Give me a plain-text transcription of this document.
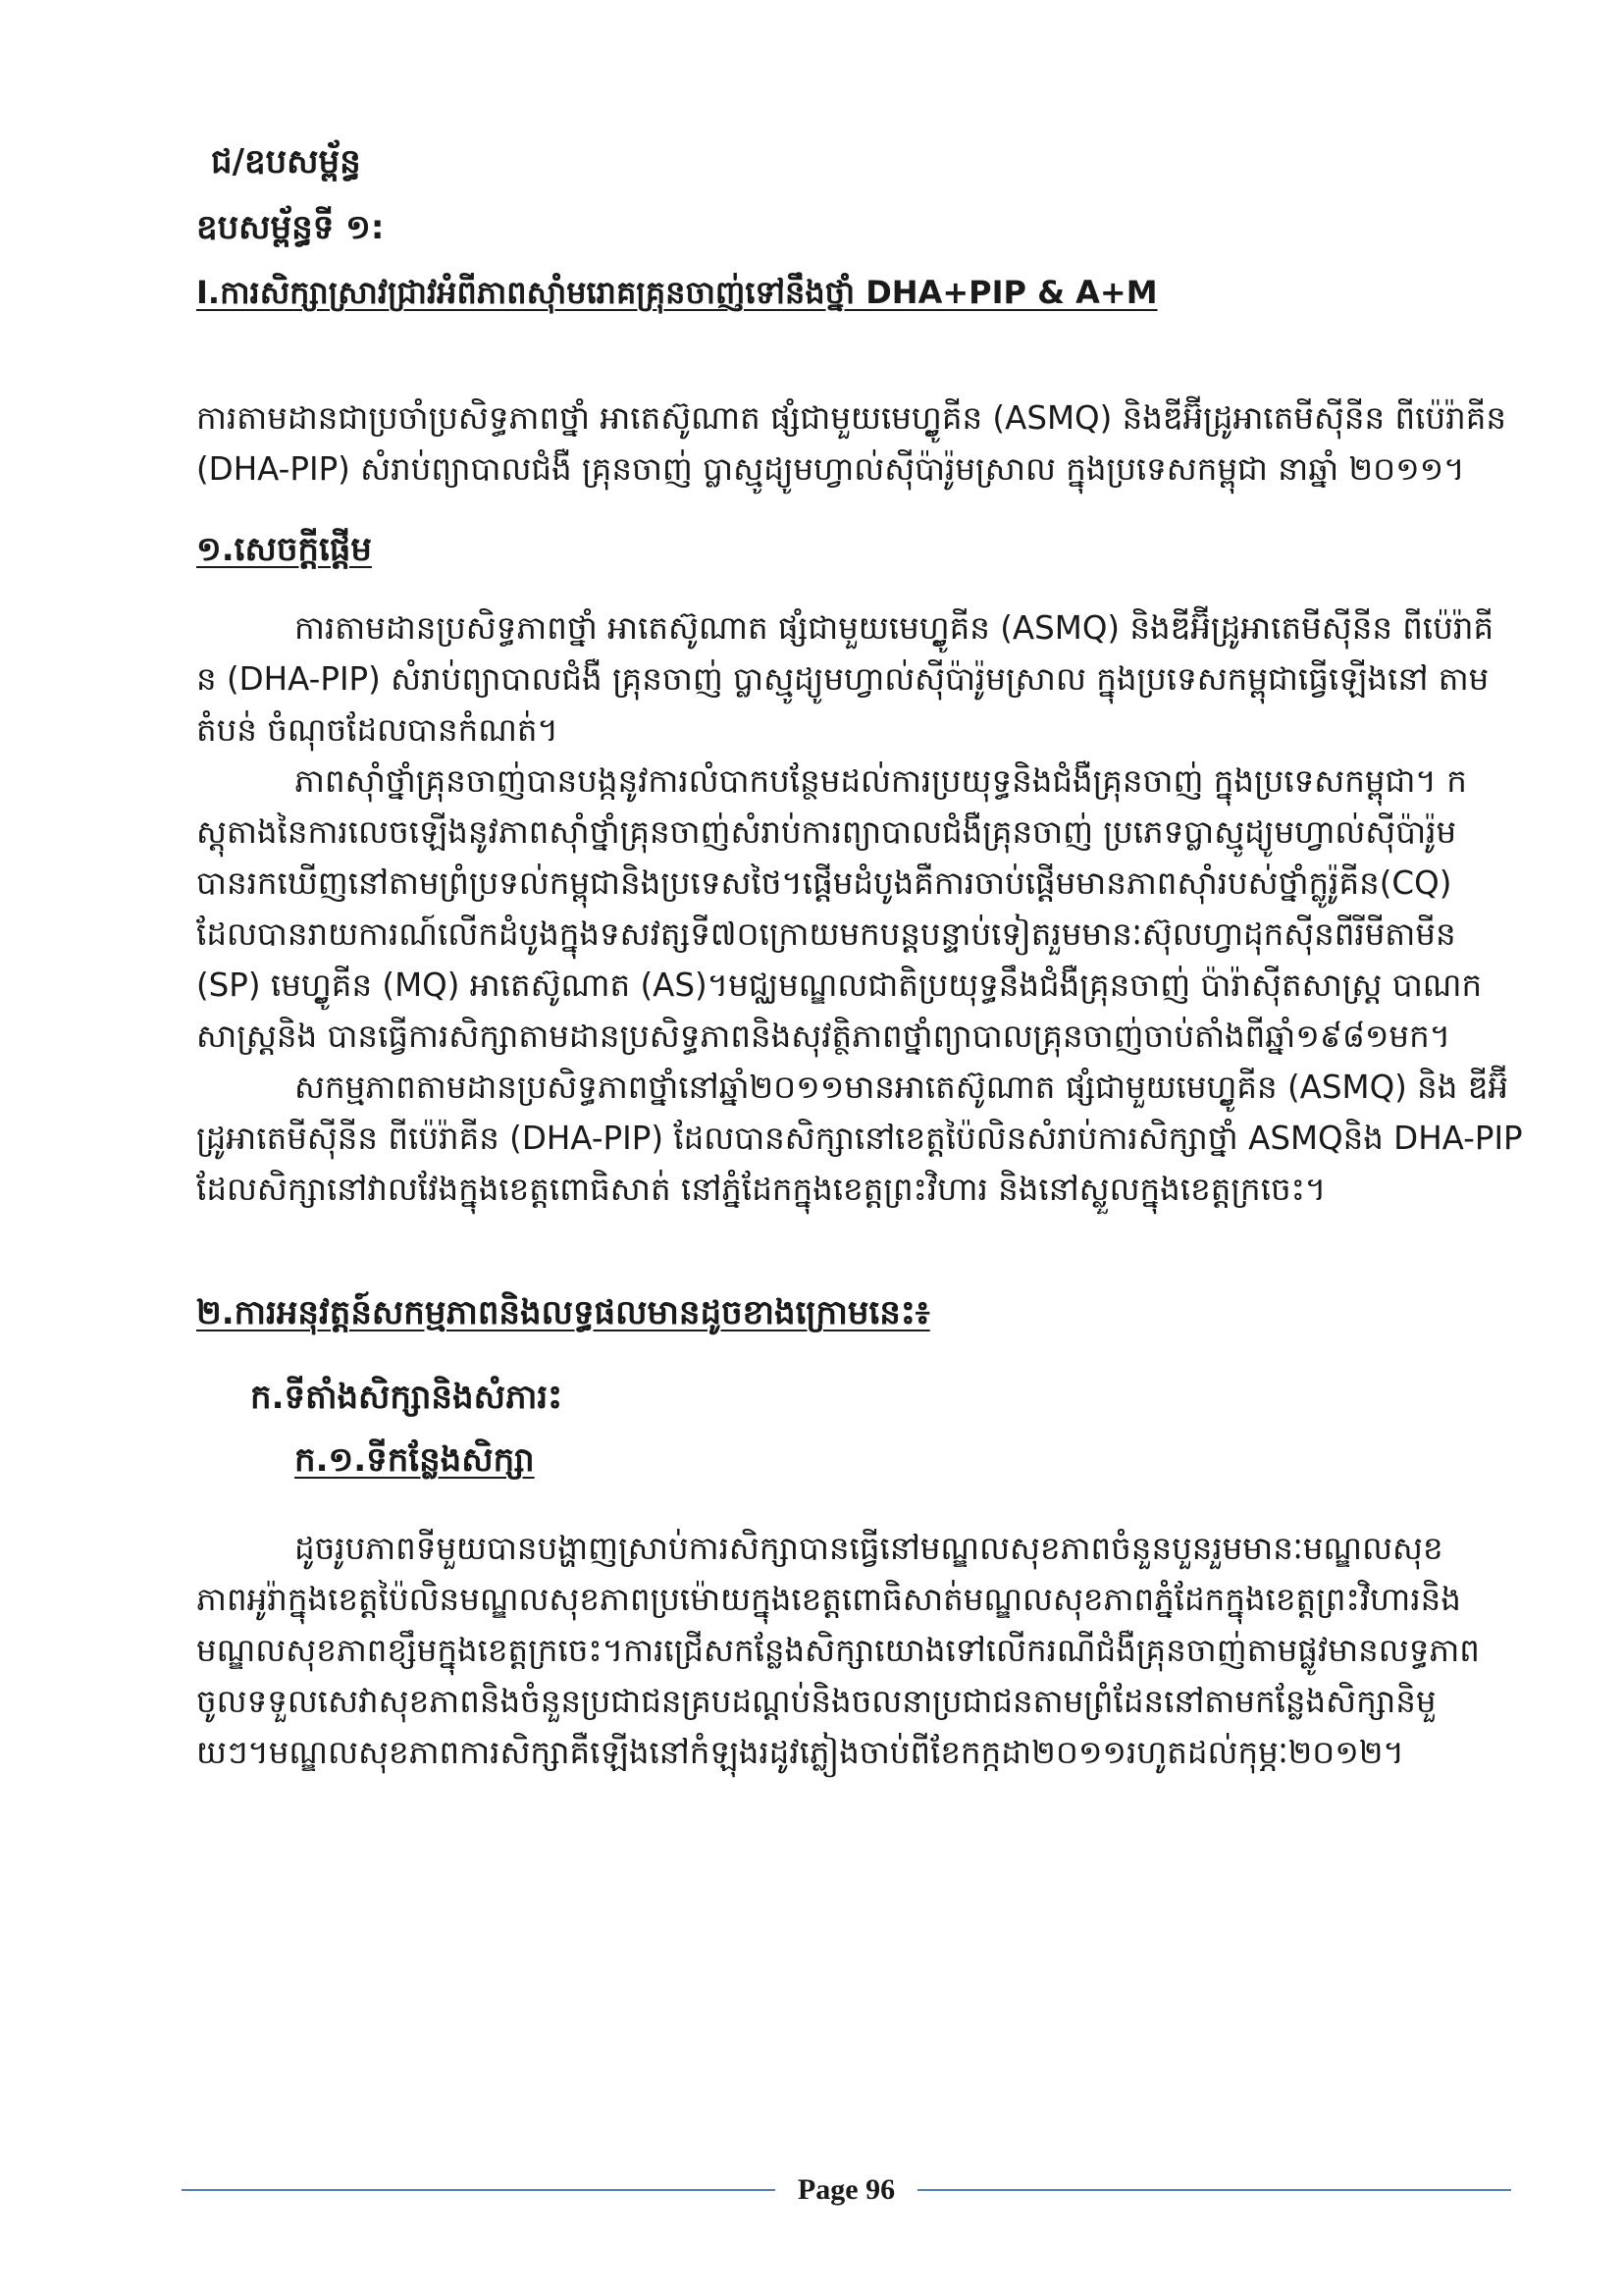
ជ/ឧបសម្ព័ន្ធ
ឧបសម្ព័ន្ធទី ១:
I.ការសិក្សាស្រាវជ្រាវអំពីភាពស៊ាំមរោគគ្រុនចាញ់ទៅនឹងថ្នាំ DHA+PIP & A+M
ការតាមដានជាប្រចាំប្រសិទ្ធភាពថ្នាំ អាតេស៊ូណាត ផ្សំជាមួយមេហ្វ្លូគីន (ASMQ) និងឌីអ៊ីដ្រូអាតេមីស៊ីនីន ពីប៉េរ៉ាគីន
(DHA-PIP) សំរាប់ព្យាបាលជំងឺ គ្រុនចាញ់ ប្លាស្មូដ្យូមហ្វាល់ស៊ីប៉ារ៉ូមស្រាល ក្នុងប្រទេសកម្ពុជា នាឆ្នាំ ២០១១។
១.សេចក្តីផ្តើម
ការតាមដានប្រសិទ្ធភាពថ្នាំ អាតេស៊ូណាត ផ្សំជាមួយមេហ្វ្លូគីន (ASMQ) និងឌីអ៊ីដ្រូអាតេមីស៊ីនីន ពីប៉េរ៉ាគី
ន (DHA-PIP) សំរាប់ព្យាបាលជំងឺ គ្រុនចាញ់ ប្លាស្មូដ្យូមហ្វាល់ស៊ីប៉ារ៉ូមស្រាល ក្នុងប្រទេសកម្ពុជាធ្វើឡើងនៅ តាម
តំបន់ ចំណុចដែលបានកំណត់។
ភាពស៊ាំថ្នាំគ្រុនចាញ់បានបង្កនូវការលំបាកបន្ថែមដល់ការប្រយុទ្ធនិងជំងឺគ្រុនចាញ់ ក្នុងប្រទេសកម្ពុជា។ ក
ស្តុតាងនៃការលេចឡើងនូវភាពស៊ាំថ្នាំគ្រុនចាញ់សំរាប់ការព្យាបាលជំងឺគ្រុនចាញ់ ប្រភេទប្លាស្មូដ្យូមហ្វាល់ស៊ីប៉ារ៉ូម
បានរកឃើញនៅតាមព្រំប្រទល់កម្ពុជានិងប្រទេសថៃ។ផ្តើមដំបូងគឺការចាប់ផ្តើមមានភាពស៊ាំរបស់ថ្នាំក្លូរ៉ូគីន(CQ)
ដែលបានរាយការណ៍លើកដំបូងក្នុងទសវត្សទី៧០ក្រោយមកបន្តបន្ទាប់ទៀតរួមមានៈស៊ុលហ្វាដុកស៊ីនពីរីមីតាមីន
(SP) មេហ្វ្លូគីន (MQ) អាតេស៊ូណាត (AS)។មជ្ឈមណ្ឌលជាតិប្រយុទ្ធនឹងជំងឺគ្រុនចាញ់ ប៉ារ៉ាស៊ីតសាស្ត្រ បាណក
សាស្ត្រនិង បានធ្វើការសិក្សាតាមដានប្រសិទ្ធភាពនិងសុវត្ថិភាពថ្នាំព្យាបាលគ្រុនចាញ់ចាប់តាំងពីឆ្នាំ១៩៨១មក។
សកម្មភាពតាមដានប្រសិទ្ធភាពថ្នាំនៅឆ្នាំ២០១១មានអាតេស៊ូណាត ផ្សំជាមួយមេហ្វ្លូគីន (ASMQ) និង ឌីអ៊ី
ដ្រូអាតេមីស៊ីនីន ពីប៉េរ៉ាគីន (DHA-PIP) ដែលបានសិក្សានៅខេត្តប៉ៃលិនសំរាប់ការសិក្សាថ្នាំ ASMQនិង DHA-PIP
ដែលសិក្សានៅវាលវែងក្នុងខេត្តពោធិសាត់ នៅភ្នំដែកក្នុងខេត្តព្រះវិហារ និងនៅស្លួលក្នុងខេត្តក្រចេះ។
២.ការអនុវត្តន៍សកម្មភាពនិងលទ្ធផលមានដូចខាងក្រោមនេះ៖
ក.ទីតាំងសិក្សានិងសំភារះ
ក.១.ទីកន្លែងសិក្សា
ដូចរូបភាពទីមួយបានបង្ហាញស្រាប់ការសិក្សាបានធ្វើនៅមណ្ឌលសុខភាពចំនួនបួនរួមមានៈមណ្ឌលសុខ
ភាពអូរ៉ាក្នុងខេត្តប៉ៃលិនមណ្ឌលសុខភាពប្រម៉ោយក្នុងខេត្តពោធិសាត់មណ្ឌលសុខភាពភ្នំដែកក្នុងខេត្តព្រះវិហារនិង
មណ្ឌលសុខភាពខ្សឹមក្នុងខេត្តក្រចេះ។ការជ្រើសកន្លែងសិក្សាយោងទៅលើករណីជំងឺគ្រុនចាញ់តាមផ្លូវមានលទ្ធភាព
ចូលទទួលសេវាសុខភាពនិងចំនួនប្រជាជនគ្របដណ្តប់និងចលនាប្រជាជនតាមព្រំដែននៅតាមកន្លែងសិក្សានិមួ
យៗ។មណ្ឌលសុខភាពការសិក្សាគឺឡើងនៅកំឡុងរដូវភ្លៀងចាប់ពីខែកក្កដា២០១១រហូតដល់កុម្ភៈ២០១២។
Page 96
